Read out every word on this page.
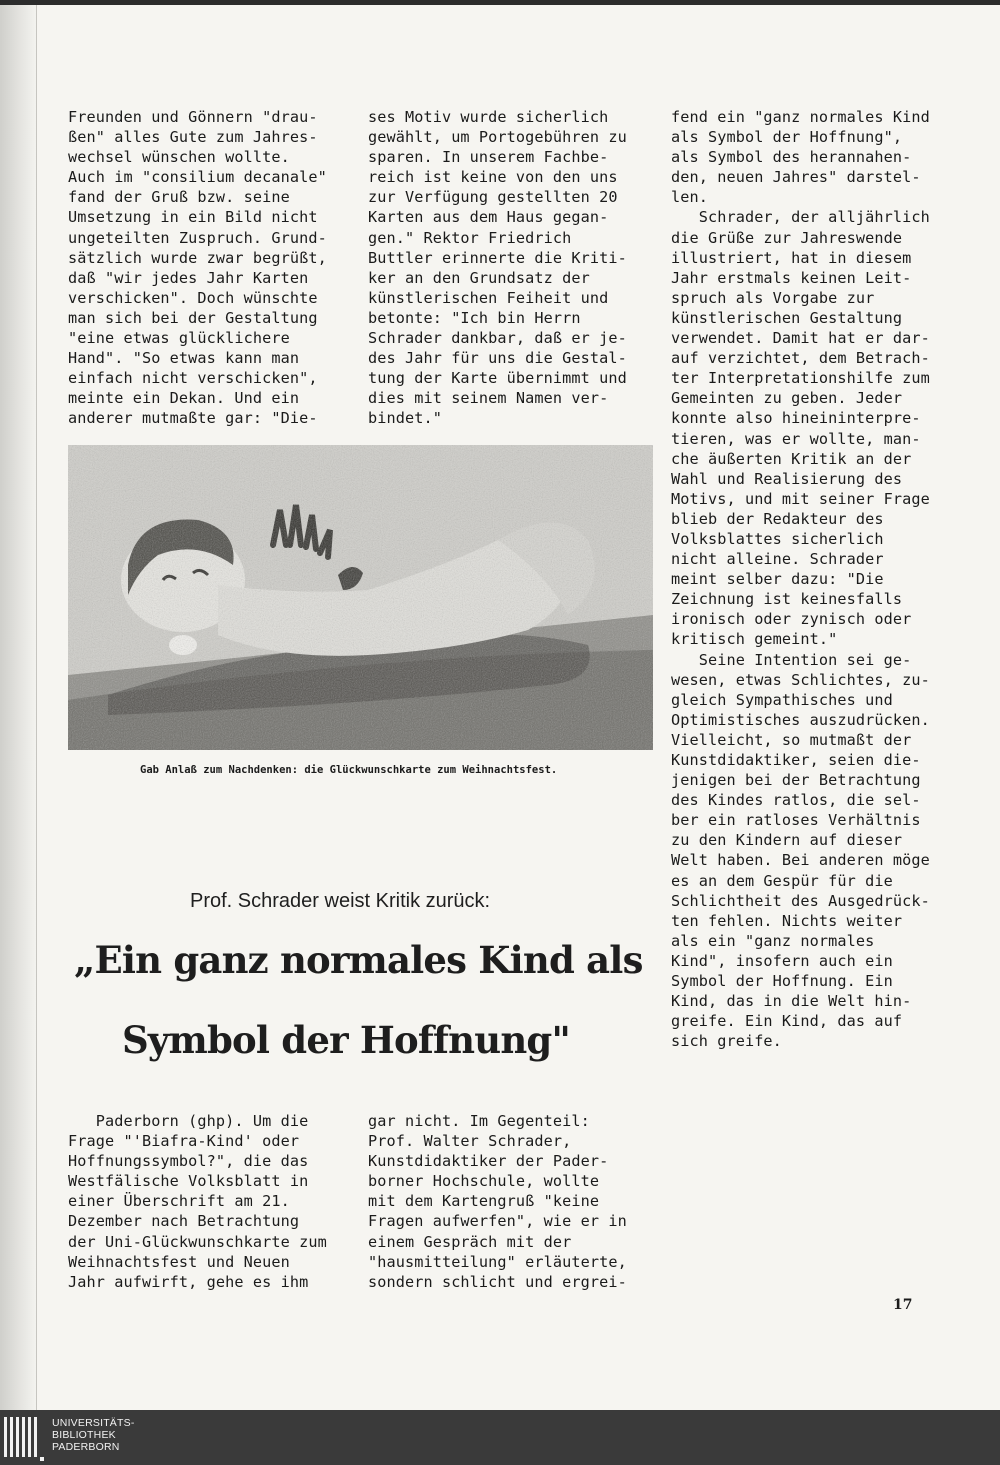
Freunden und Gönnern "drau-
ßen" alles Gute zum Jahres-
wechsel wünschen wollte.
Auch im "consilium decanale"
fand der Gruß bzw. seine
Umsetzung in ein Bild nicht
ungeteilten Zuspruch. Grund-
sätzlich wurde zwar begrüßt,
daß "wir jedes Jahr Karten
verschicken". Doch wünschte
man sich bei der Gestaltung
"eine etwas glücklichere
Hand". "So etwas kann man
einfach nicht verschicken",
meinte ein Dekan. Und ein
anderer mutmaßte gar: "Die-
ses Motiv wurde sicherlich
gewählt, um Portogebühren zu
sparen. In unserem Fachbe-
reich ist keine von den uns
zur Verfügung gestellten 20
Karten aus dem Haus gegan-
gen." Rektor Friedrich
Buttler erinnerte die Kriti-
ker an den Grundsatz der
künstlerischen Feiheit und
betonte: "Ich bin Herrn
Schrader dankbar, daß er je-
des Jahr für uns die Gestal-
tung der Karte übernimmt und
dies mit seinem Namen ver-
bindet."
fend ein "ganz normales Kind
als Symbol der Hoffnung",
als Symbol des herannahen-
den, neuen Jahres" darstel-
len.
Schrader, der alljährlich
die Grüße zur Jahreswende
illustriert, hat in diesem
Jahr erstmals keinen Leit-
spruch als Vorgabe zur
künstlerischen Gestaltung
verwendet. Damit hat er dar-
auf verzichtet, dem Betrach-
ter Interpretationshilfe zum
Gemeinten zu geben. Jeder
konnte also hineininterpre-
tieren, was er wollte, man-
che äußerten Kritik an der
Wahl und Realisierung des
Motivs, und mit seiner Frage
blieb der Redakteur des
Volksblattes sicherlich
nicht alleine. Schrader
meint selber dazu: "Die
Zeichnung ist keinesfalls
ironisch oder zynisch oder
kritisch gemeint."
Seine Intention sei ge-
wesen, etwas Schlichtes, zu-
gleich Sympathisches und
Optimistisches auszudrücken.
Vielleicht, so mutmaßt der
Kunstdidaktiker, seien die-
jenigen bei der Betrachtung
des Kindes ratlos, die sel-
ber ein ratloses Verhältnis
zu den Kindern auf dieser
Welt haben. Bei anderen möge
es an dem Gespür für die
Schlichtheit des Ausgedrück-
ten fehlen. Nichts weiter
als ein "ganz normales
Kind", insofern auch ein
Symbol der Hoffnung. Ein
Kind, das in die Welt hin-
greife. Ein Kind, das auf
sich greife.
Gab Anlaß zum Nachdenken: die Glückwunschkarte zum Weihnachtsfest.
Prof. Schrader weist Kritik zurück:
„Ein ganz normales Kind als
Symbol der Hoffnung"
Paderborn (ghp). Um die
Frage "'Biafra-Kind' oder
Hoffnungssymbol?", die das
Westfälische Volksblatt in
einer Überschrift am 21.
Dezember nach Betrachtung
der Uni-Glückwunschkarte zum
Weihnachtsfest und Neuen
Jahr aufwirft, gehe es ihm
gar nicht. Im Gegenteil:
Prof. Walter Schrader,
Kunstdidaktiker der Pader-
borner Hochschule, wollte
mit dem Kartengruß "keine
Fragen aufwerfen", wie er in
einem Gespräch mit der
"hausmitteilung" erläuterte,
sondern schlicht und ergrei-
17
UNIVERSITÄTS-
BIBLIOTHEK
PADERBORN
